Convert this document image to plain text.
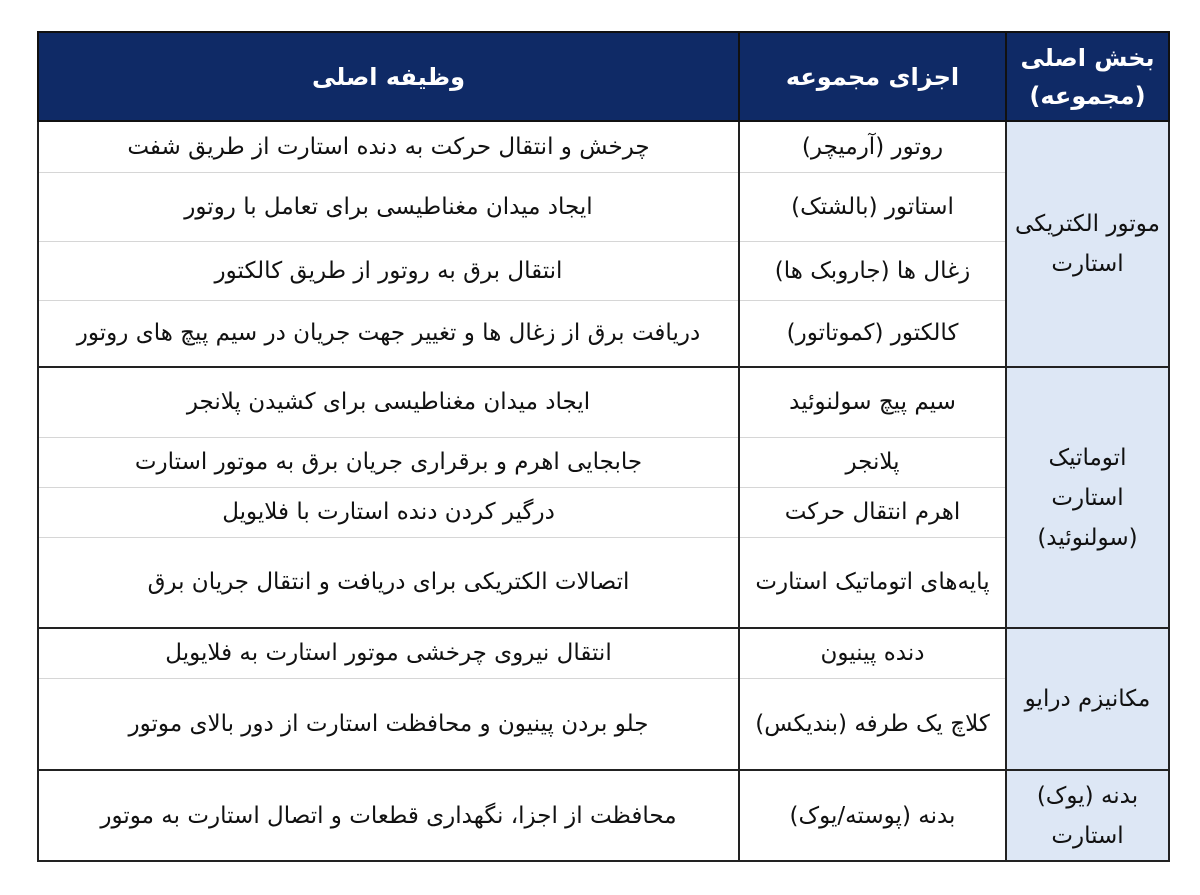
بخش اصلی (مجموعه)	اجزای مجموعه	وظیفه اصلی
موتور الکتریکی استارت	روتور (آرمیچر)	چرخش و انتقال حرکت به دنده استارت از طریق شفت
	استاتور (بالشتک)	ایجاد میدان مغناطیسی برای تعامل با روتور
	زغال ها (جاروبک ها)	انتقال برق به روتور از طریق کالکتور
	کالکتور (کموتاتور)	دریافت برق از زغال ها و تغییر جهت جریان در سیم پیچ های روتور
اتوماتیک استارت (سولنوئید)	سیم پیچ سولنوئید	ایجاد میدان مغناطیسی برای کشیدن پلانجر
	پلانجر	جابجایی اهرم و برقراری جریان برق به موتور استارت
	اهرم انتقال حرکت	درگیر کردن دنده استارت با فلایویل
	پایه‌های اتوماتیک استارت	اتصالات الکتریکی برای دریافت و انتقال جریان برق
مکانیزم درایو	دنده پینیون	انتقال نیروی چرخشی موتور استارت به فلایویل
	کلاچ یک طرفه (بندیکس)	جلو بردن پینیون و محافظت استارت از دور بالای موتور
بدنه (یوک) استارت	بدنه (پوسته/یوک)	محافظت از اجزا، نگهداری قطعات و اتصال استارت به موتور
